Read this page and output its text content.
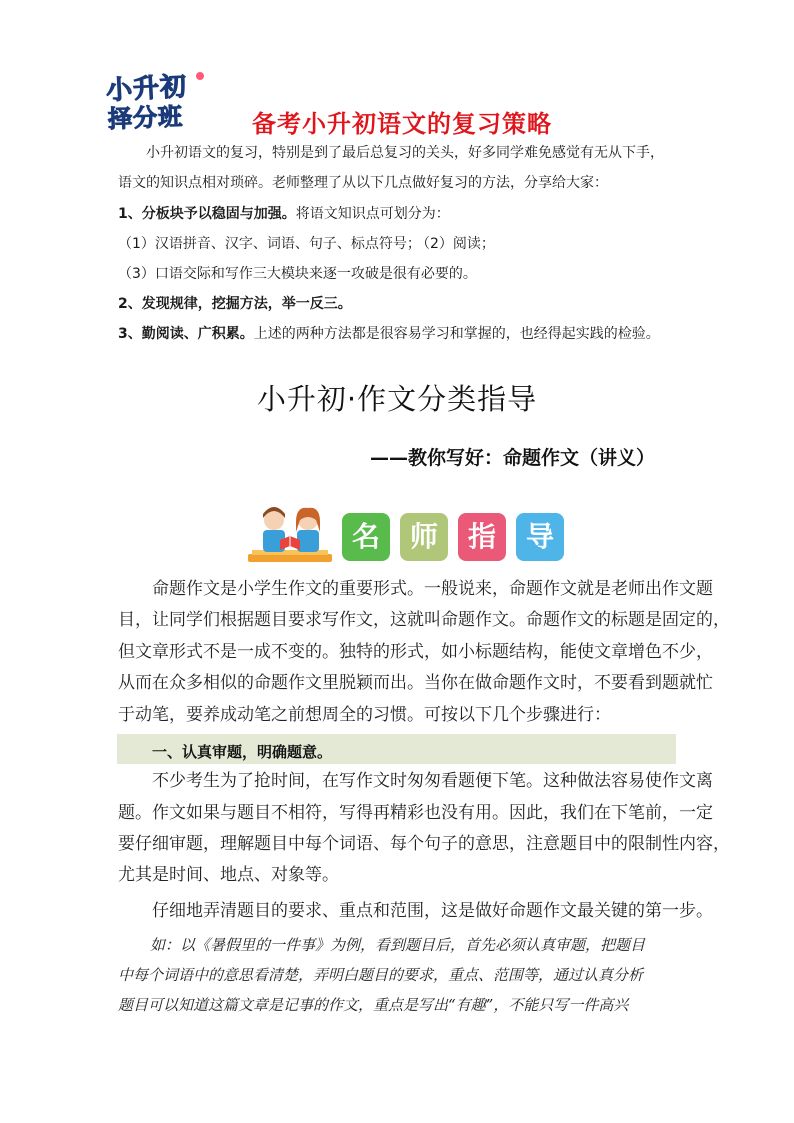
小升初
择分班	备考小升初语文的复习策略
小升初语文的复习，特别是到了最后总复习的关头，好多同学难免感觉有无从下手，
语文的知识点相对琐碎。老师整理了从以下几点做好复习的方法，分享给大家：
1、分板块予以稳固与加强。将语文知识点可划分为：
（1）汉语拼音、汉字、词语、句子、标点符号；
（2）阅读；
（3）口语交际和写作三大模块来逐一攻破是很有必要的。
2、发现规律，挖掘方法，举一反三。
3、勤阅读、广积累。上述的两种方法都是很容易学习和掌握的，也经得起实践的检验。
小升初·作文分类指导
——教你写好：命题作文（讲义）
名	师	指	导
命题作文是小学生作文的重要形式。一般说来，命题作文就是老师出作文题
目，让同学们根据题目要求写作文，这就叫命题作文。命题作文的标题是固定的，
但文章形式不是一成不变的。独特的形式，如小标题结构，能使文章增色不少，
从而在众多相似的命题作文里脱颖而出。当你在做命题作文时，不要看到题就忙
于动笔，要养成动笔之前想周全的习惯。可按以下几个步骤进行：
一、认真审题，明确题意。
不少考生为了抢时间，在写作文时匆匆看题便下笔。这种做法容易使作文离
题。作文如果与题目不相符，写得再精彩也没有用。因此，我们在下笔前，一定
要仔细审题，理解题目中每个词语、每个句子的意思，注意题目中的限制性内容，
尤其是时间、地点、对象等。
仔细地弄清题目的要求、重点和范围，这是做好命题作文最关键的第一步。
如：以《暑假里的一件事》为例，看到题目后，首先必须认真审题，把题目
中每个词语中的意思看清楚，弄明白题目的要求，重点、范围等，通过认真分析
题目可以知道这篇文章是记事的作文，重点是写出“有趣”，不能只写一件高兴
